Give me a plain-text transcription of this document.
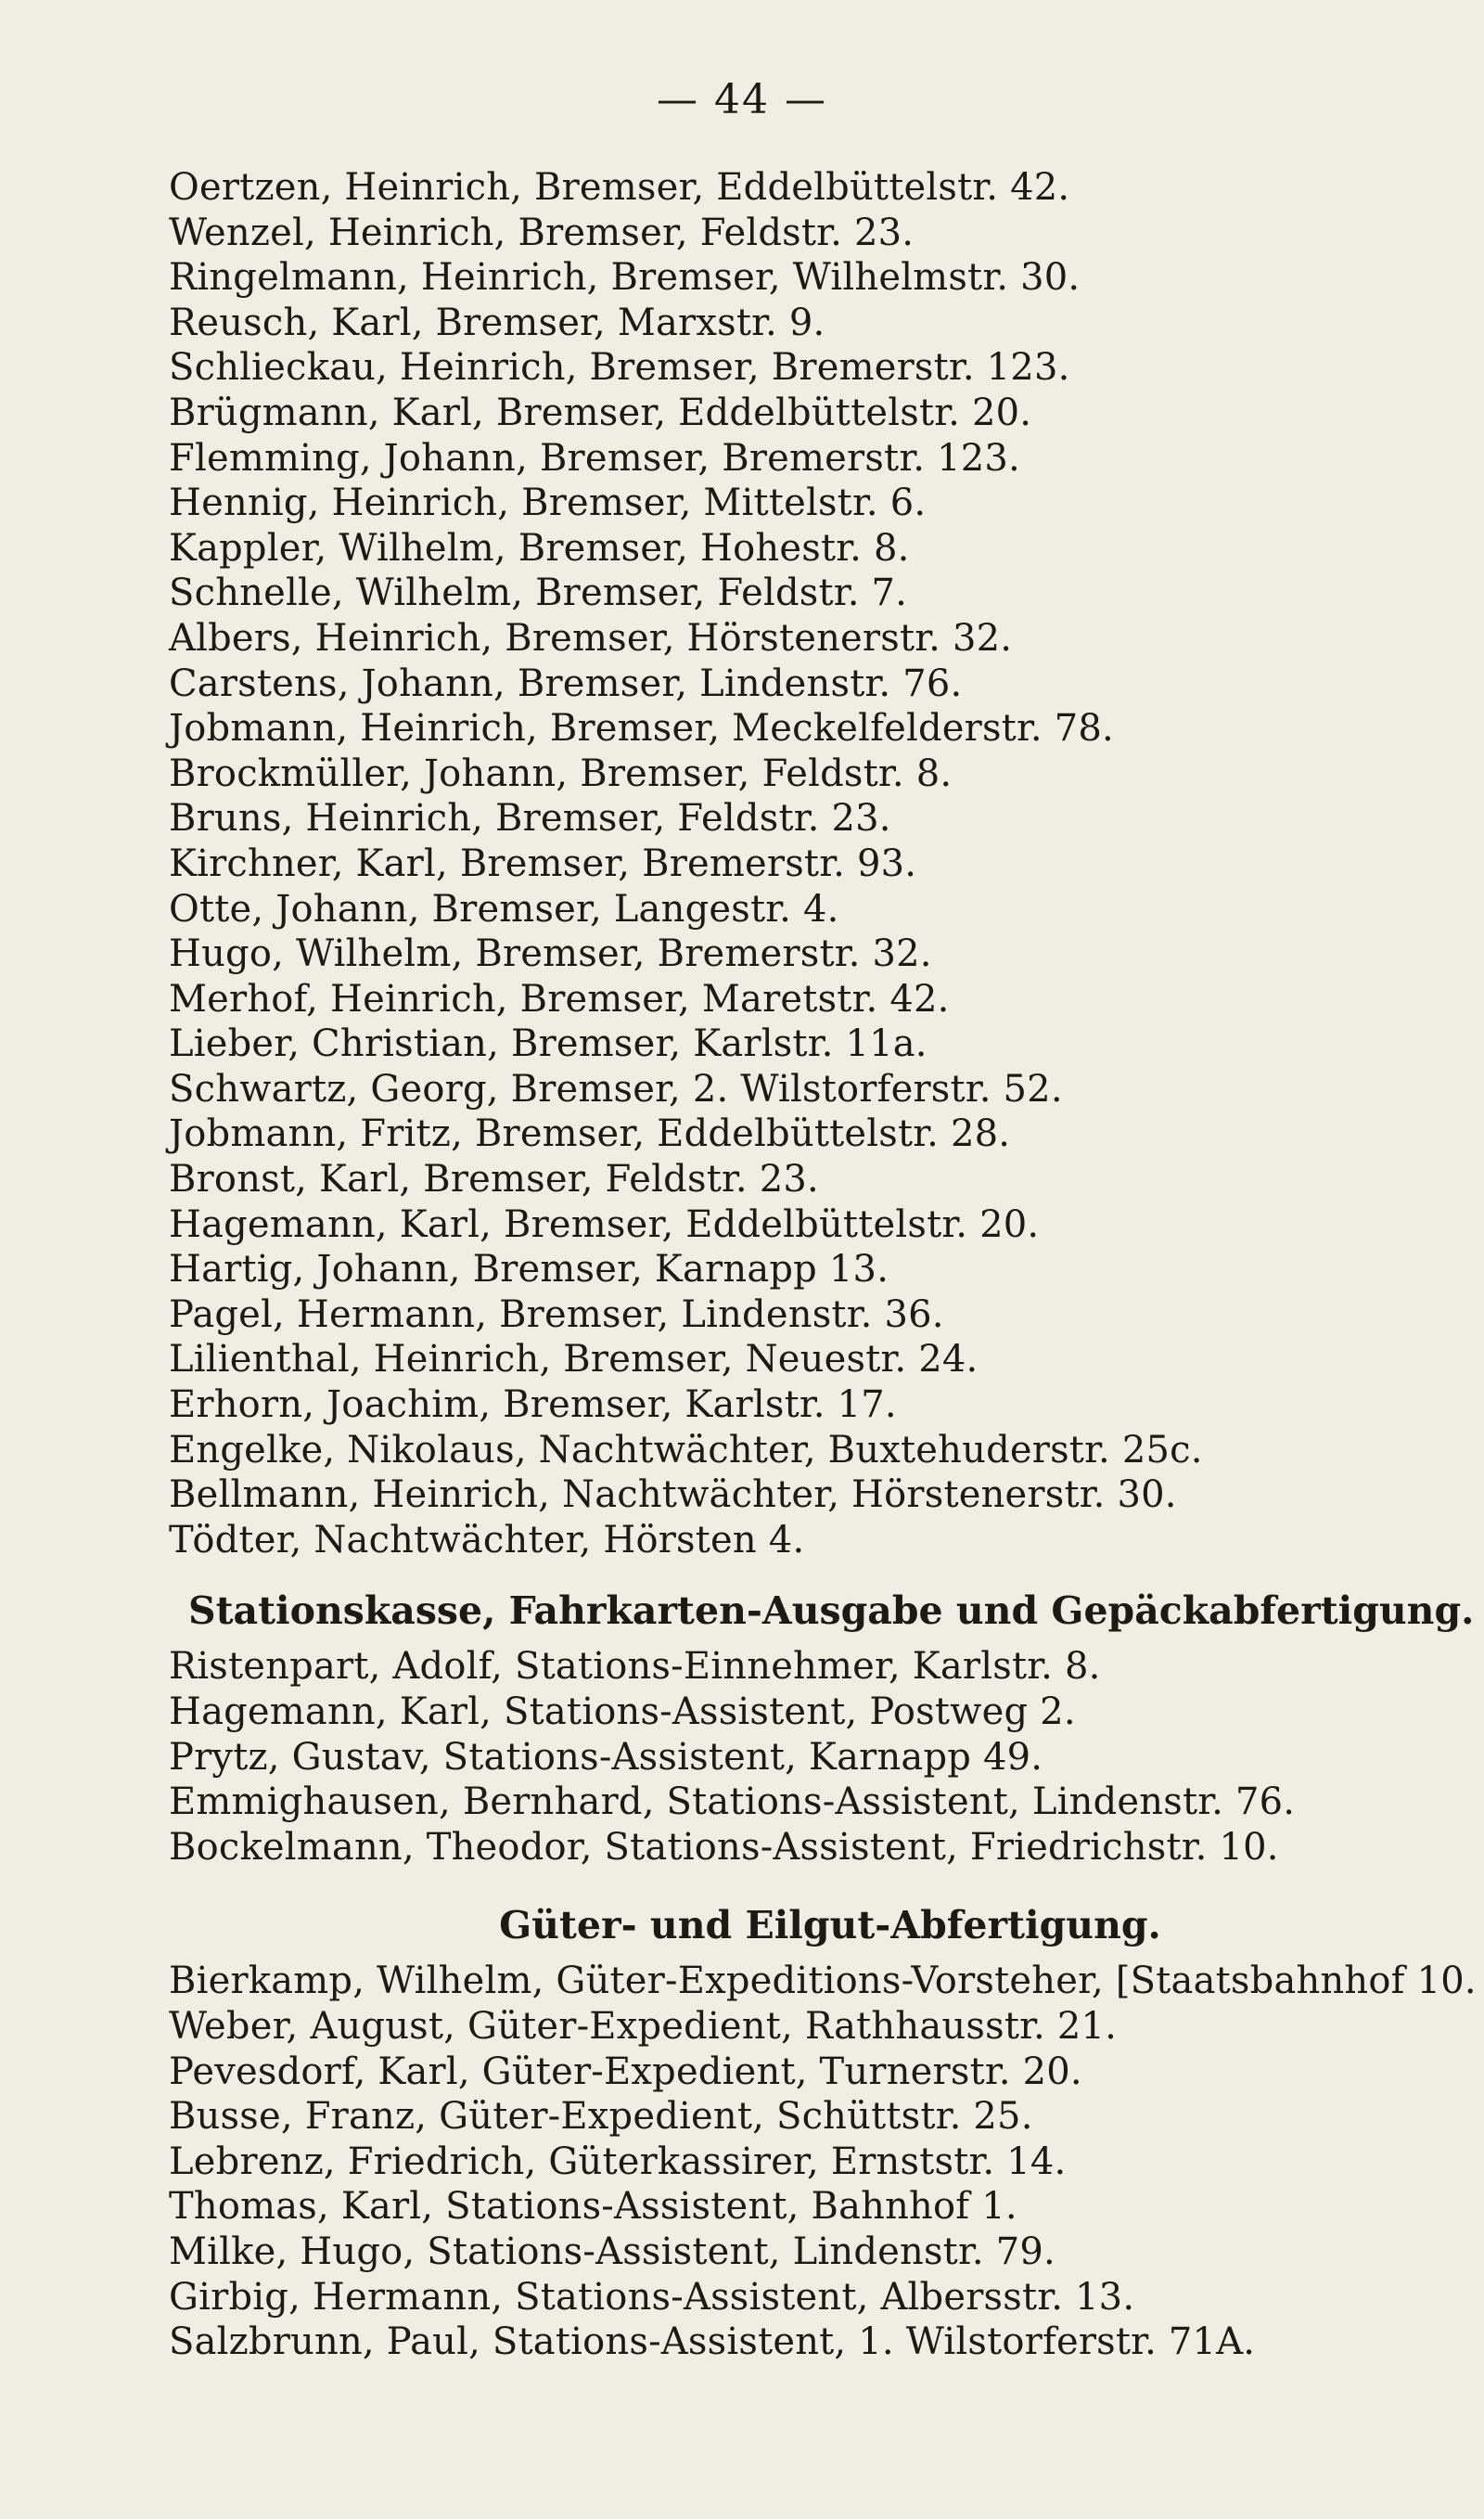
— 44 —
Oertzen, Heinrich, Bremser, Eddelbüttelstr. 42.
Wenzel, Heinrich, Bremser, Feldstr. 23.
Ringelmann, Heinrich, Bremser, Wilhelmstr. 30.
Reusch, Karl, Bremser, Marxstr. 9.
Schlieckau, Heinrich, Bremser, Bremerstr. 123.
Brügmann, Karl, Bremser, Eddelbüttelstr. 20.
Flemming, Johann, Bremser, Bremerstr. 123.
Hennig, Heinrich, Bremser, Mittelstr. 6.
Kappler, Wilhelm, Bremser, Hohestr. 8.
Schnelle, Wilhelm, Bremser, Feldstr. 7.
Albers, Heinrich, Bremser, Hörstenerstr. 32.
Carstens, Johann, Bremser, Lindenstr. 76.
Jobmann, Heinrich, Bremser, Meckelfelderstr. 78.
Brockmüller, Johann, Bremser, Feldstr. 8.
Bruns, Heinrich, Bremser, Feldstr. 23.
Kirchner, Karl, Bremser, Bremerstr. 93.
Otte, Johann, Bremser, Langestr. 4.
Hugo, Wilhelm, Bremser, Bremerstr. 32.
Merhof, Heinrich, Bremser, Maretstr. 42.
Lieber, Christian, Bremser, Karlstr. 11a.
Schwartz, Georg, Bremser, 2. Wilstorferstr. 52.
Jobmann, Fritz, Bremser, Eddelbüttelstr. 28.
Bronst, Karl, Bremser, Feldstr. 23.
Hagemann, Karl, Bremser, Eddelbüttelstr. 20.
Hartig, Johann, Bremser, Karnapp 13.
Pagel, Hermann, Bremser, Lindenstr. 36.
Lilienthal, Heinrich, Bremser, Neuestr. 24.
Erhorn, Joachim, Bremser, Karlstr. 17.
Engelke, Nikolaus, Nachtwächter, Buxtehuderstr. 25c.
Bellmann, Heinrich, Nachtwächter, Hörstenerstr. 30.
Tödter, Nachtwächter, Hörsten 4.
Stationskasse, Fahrkarten-Ausgabe und Gepäckabfertigung.
Ristenpart, Adolf, Stations-Einnehmer, Karlstr. 8.
Hagemann, Karl, Stations-Assistent, Postweg 2.
Prytz, Gustav, Stations-Assistent, Karnapp 49.
Emmighausen, Bernhard, Stations-Assistent, Lindenstr. 76.
Bockelmann, Theodor, Stations-Assistent, Friedrichstr. 10.
Güter- und Eilgut-Abfertigung.
Bierkamp, Wilhelm, Güter-Expeditions-Vorsteher, [Staatsbahnhof 10.
Weber, August, Güter-Expedient, Rathhausstr. 21.
Pevesdorf, Karl, Güter-Expedient, Turnerstr. 20.
Busse, Franz, Güter-Expedient, Schüttstr. 25.
Lebrenz, Friedrich, Güterkassirer, Ernststr. 14.
Thomas, Karl, Stations-Assistent, Bahnhof 1.
Milke, Hugo, Stations-Assistent, Lindenstr. 79.
Girbig, Hermann, Stations-Assistent, Albersstr. 13.
Salzbrunn, Paul, Stations-Assistent, 1. Wilstorferstr. 71A.
